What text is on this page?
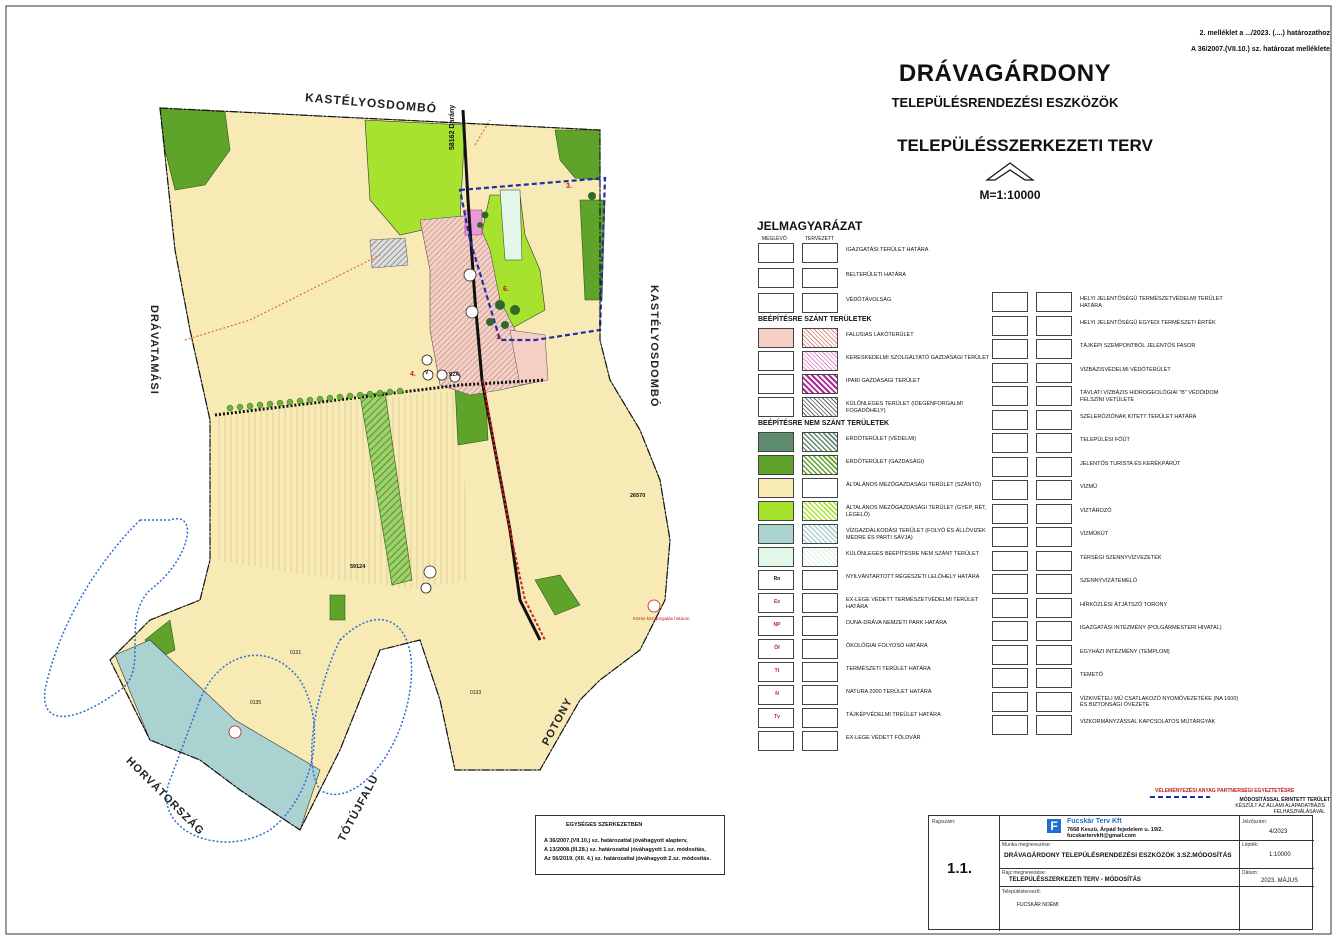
2. melléklet a .../2023. (....) határozathoz
A 36/2007.(VII.10.) sz. határozat melléklete
DRÁVAGÁRDONY
TELEPÜLÉSRENDEZÉSI ESZKÖZÖK
TELEPÜLÉSSZERKEZETI TERV
M=1:10000
KASTÉLYOSDOMBÓ
KASTÉLYOSDOMBÓ
DRÁVATAMÁSI
POTONY
TÓTÚJFALU
HORVÁTORSZÁG
58162 Darány
26570
59124
0135
0131
0133
1.
3.
4.
6.
Közös közigazgatás határon
SZÁ
V
JELMAGYARÁZAT
MEGLÉVŐ	TERVEZETT
IGAZGATÁSI TERÜLET HATÁRA
BELTERÜLETI HATÁRA
VÉDŐTÁVOLSÁG
BEÉPÍTÉSRE SZÁNT TERÜLETEK
FALUSIAS LAKÓTERÜLET
KERESKEDELMI SZOLGÁLTATÓ GAZDASÁGI TERÜLET
IPARI GAZDASÁGI TERÜLET
KÜLÖNLEGES TERÜLET (IDEGENFORGALMI FOGADÓHELY)
BEÉPÍTÉSRE NEM SZÁNT TERÜLETEK
ERDŐTERÜLET (VÉDELMI)
ERDŐTERÜLET (GAZDASÁGI)
ÁLTALÁNOS MEZŐGAZDASÁGI TERÜLET (SZÁNTÓ)
ÁLTALÁNOS MEZŐGAZDASÁGI TERÜLET (GYEP, RÉT, LEGELŐ)
VÍZGAZDÁLKODÁSI TERÜLET (FOLYÓ ÉS ÁLLÓVIZEK MEDRE ÉS PARTI SÁVJA)
KÜLÖNLEGES BEÉPÍTÉSRE NEM SZÁNT TERÜLET
Rn	NYILVÁNTARTOTT RÉGÉSZETI LELŐHELY HATÁRA
Ex	EX-LEGE VÉDETT TERMÉSZETVÉDELMI TERÜLET HATÁRA
NP	DUNA-DRÁVA NEMZETI PARK HATÁRA
Öf	ÖKOLÓGIAI FOLYOSÓ HATÁRA
Tt	TERMÉSZETI TERÜLET HATÁRA
N	NATURA 2000 TERÜLET HATÁRA
Tv	TÁJKÉPVÉDELMI TREÜLET HATÁRA
EX-LEGE VÉDETT FÖLDVÁR
HELYI JELENTŐSÉGŰ TERMÉSZETVÉDELMI TERÜLET HATÁRA
HELYI JELENTŐSÉGŰ EGYEDI TERMÉSZETI ÉRTÉK
TÁJKÉPI SZEMPONTBÓL JELENTŐS FASOR
VÍZBÁZISVÉDELMI VÉDŐTERÜLET
TÁVLATI VÍZBÁZIS HIDROGEOLÓGIAI "B" VÉDŐIDOM FELSZÍNI VETÜLETE
SZÉLERÓZIÓNAK KITETT TERÜLET HATÁRA
TELEPÜLÉSI FŐÚT
JELENTŐS TURISTA ÉS KERÉKPÁRÚT
VÍZMŰ
VÍZTÁROZÓ
VÍZMŰKÚT
TÉRSÉGI SZENNYVÍZVEZETÉK
SZENNYVÍZÁTEMELŐ
HÍRKÖZLÉSI ÁTJÁTSZÓ TORONY
IGAZGATÁSI INTÉZMÉNY (POLGÁRMESTERI HIVATAL)
EGYHÁZI INTÉZMÉNY (TEMPLOM)
TEMETŐ
VÍZKIVÉTELI MŰ CSATLAKOZÓ NYOMÓVEZETÉKE (NA 1600) ÉS BIZTONSÁGI ÖVEZETE
VÍZKORMÁNYZÁSSAL KAPCSOLATOS MŰTÁRGYAK
VÉLEMÉNYEZÉSI ANYAG PARTNERSÉGI EGYEZTETÉSRE
MÓDOSÍTÁSSAL ÉRINTETT TERÜLET
KÉSZÜLT AZ ÁLLAMI ALAPADATBÁZIS FELHASZNÁLÁSÁVAL
EGYSÉGES SZERKEZETBEN
A 36/2007.(VII.10.) sz. határozattal jóváhagyott alapterv,
A 13/2008.(III.28.) sz. határozattal jóváhagyott 1.sz. módosítás,
Az 56/2019. (XII. 4.) sz. határozattal jóváhagyott 2.sz. módosítás.
Rajzszám:
1.1.
F	Fucskár Terv Kft
7668 Keszü, Árpád fejedelem u. 19/2.
fucskartervkft@gmail.com
Munka megnevezése:
DRÁVAGÁRDONY TELEPÜLÉSRENDEZÉSI ESZKÖZÖK 3.SZ.MÓDOSÍTÁS
Rajz megnevezése:
TELEPÜLÉSSZERKEZETI TERV - MÓDOSÍTÁS
Településtervező:
FUCSKÁR NOÉMI
Jelzőszám:
4/2023
Lépték:
1:10000
Dátum:
2023. MÁJUS
